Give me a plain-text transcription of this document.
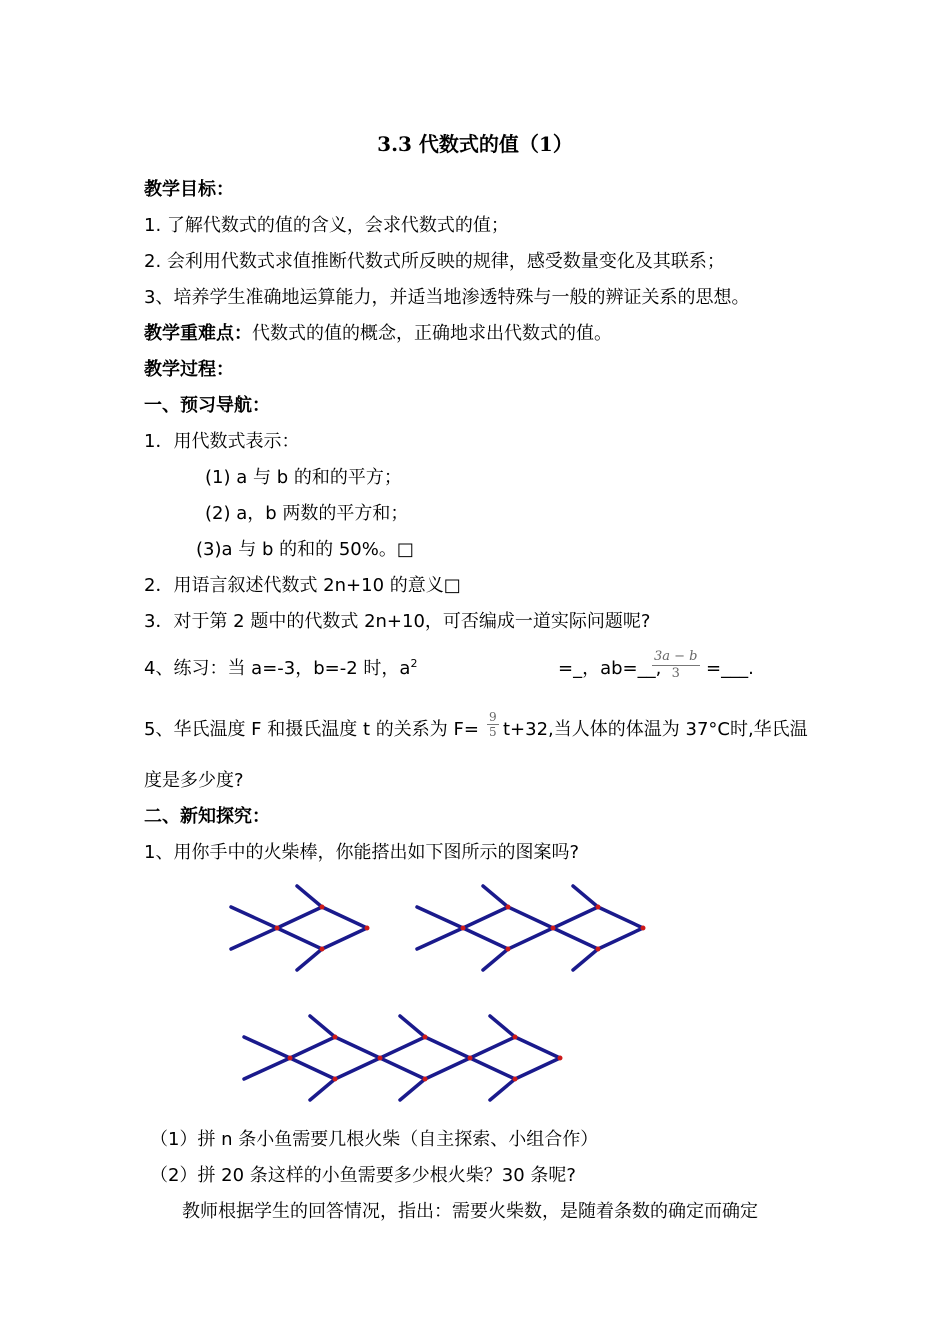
3.3 代数式的值（1）
教学目标：
1. 了解代数式的值的含义，会求代数式的值；
2. 会利用代数式求值推断代数式所反映的规律，感受数量变化及其联系；
3、培养学生准确地运算能力，并适当地渗透特殊与一般的辨证关系的思想。
教学重难点：代数式的值的概念，正确地求出代数式的值。
教学过程：
一、预习导航：
1．用代数式表示：
(1) a 与 b 的和的平方；
(2) a，b 两数的平方和；
(3)a 与 b 的和的 50%。□
2．用语言叙述代数式 2n+10 的意义□
3．对于第 2 题中的代数式 2n+10，可否编成一道实际问题呢?
4、练习：当 a=-3，b=-2 时，$a^2$	=_，ab=__,
$\frac{3a - b}{3}$ =___.
5、华氏温度 F 和摄氏温度 t 的关系为 $F= \frac{9}{5} t+32$,当人体的体温为 37°C时,华氏温
度是多少度?
二、新知探究：
1、用你手中的火柴棒，你能搭出如下图所示的图案吗?
（1）拼 n 条小鱼需要几根火柴（自主探索、小组合作）
（2）拼 20 条这样的小鱼需要多少根火柴？30 条呢?
教师根据学生的回答情况，指出：需要火柴数，是随着条数的确定而确定
